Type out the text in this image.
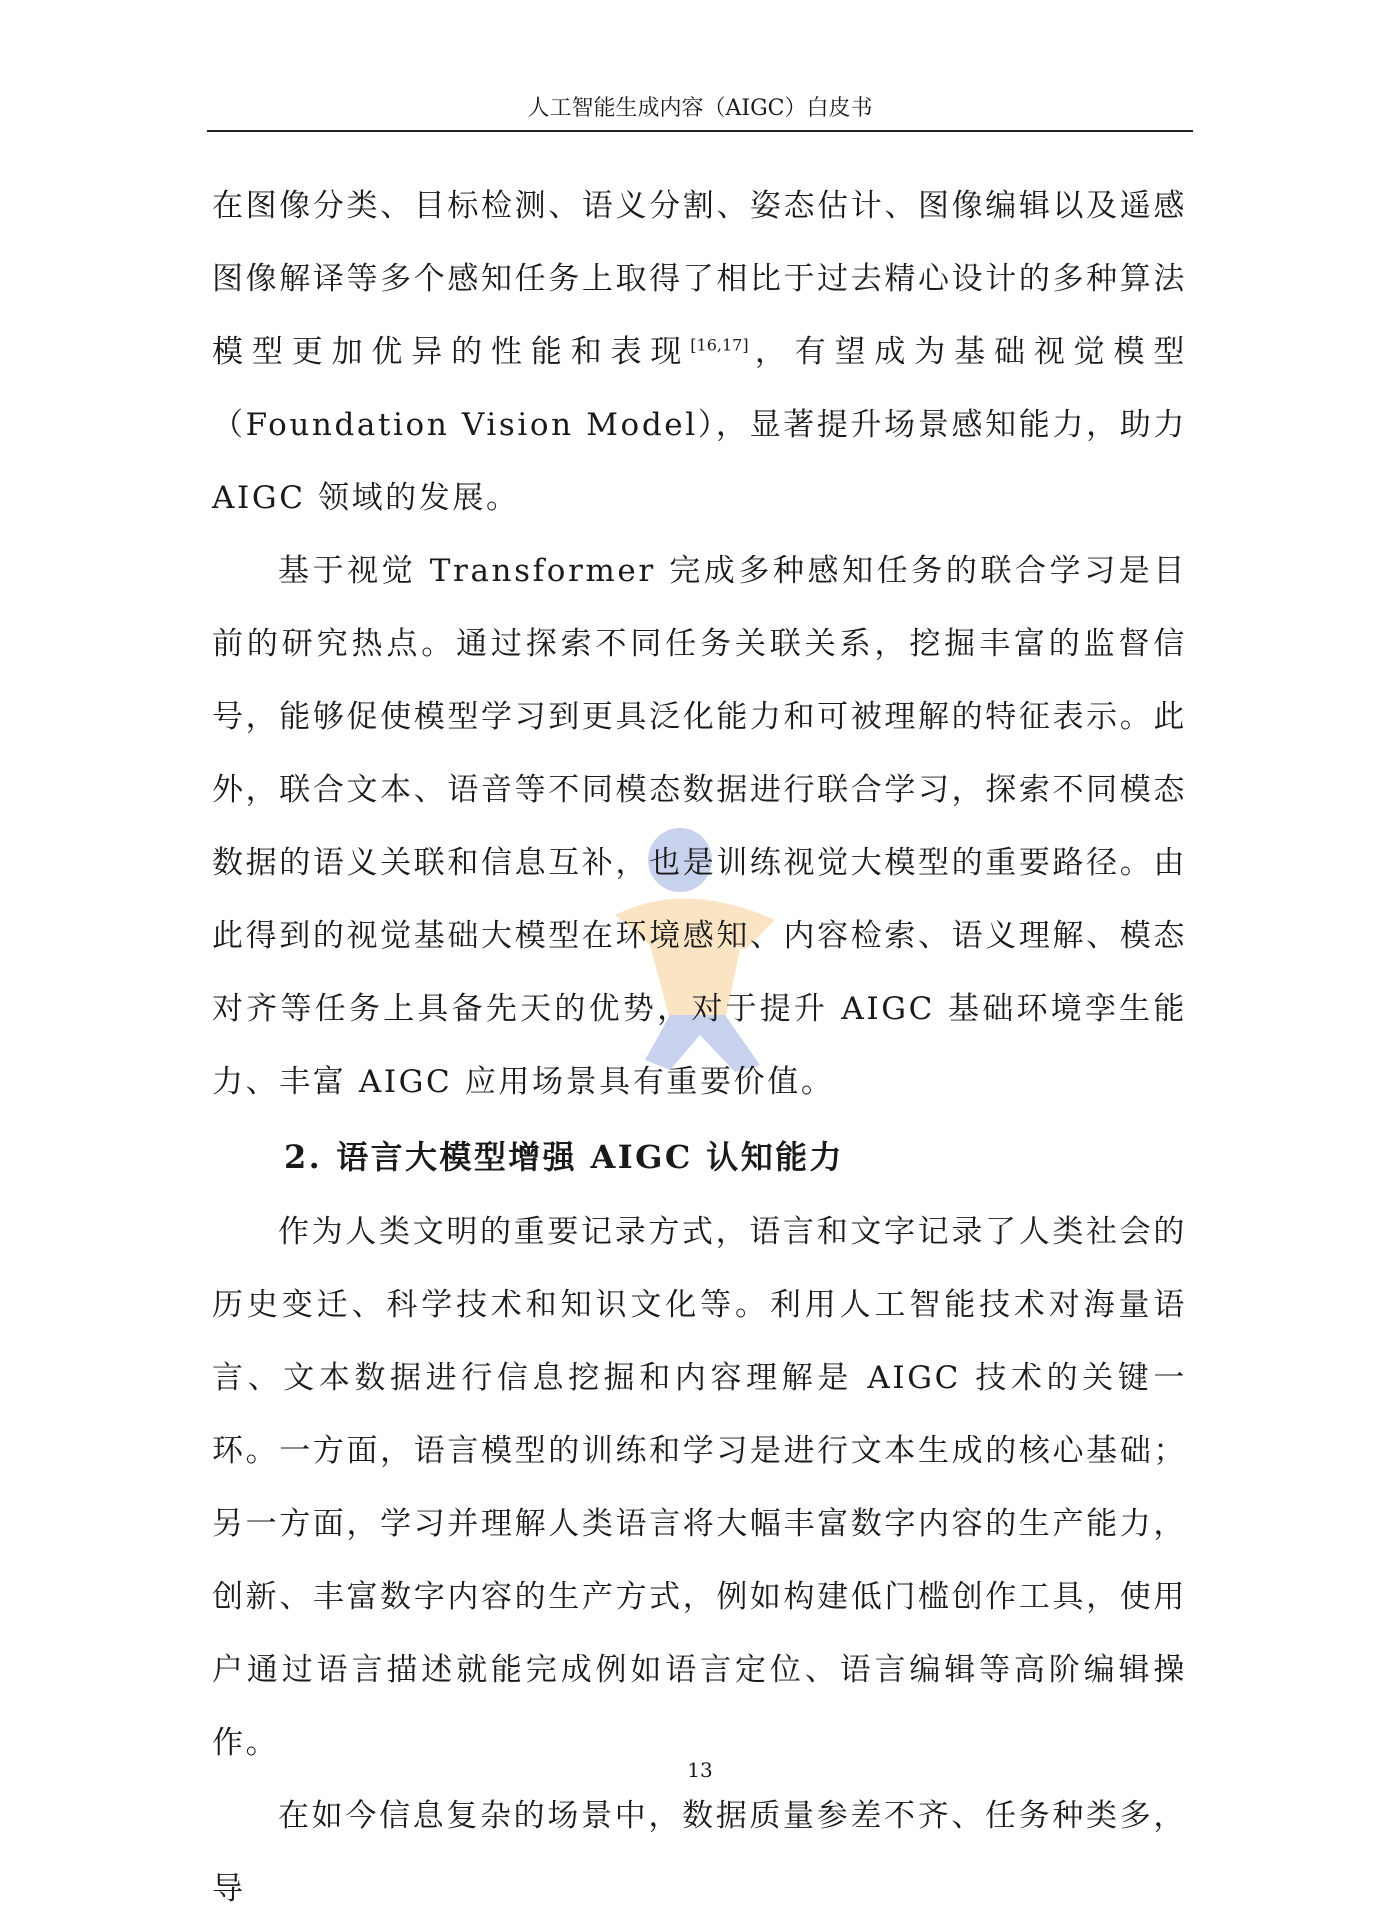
人工智能生成内容（AIGC）白皮书

在图像分类、目标检测、语义分割、姿态估计、图像编辑以及遥感图像解译等多个感知任务上取得了相比于过去精心设计的多种算法模型更加优异的性能和表现[16,17]，有望成为基础视觉模型（Foundation Vision Model），显著提升场景感知能力，助力 AIGC 领域的发展。

基于视觉 Transformer 完成多种感知任务的联合学习是目前的研究热点。通过探索不同任务关联关系，挖掘丰富的监督信号，能够促使模型学习到更具泛化能力和可被理解的特征表示。此外，联合文本、语音等不同模态数据进行联合学习，探索不同模态数据的语义关联和信息互补，也是训练视觉大模型的重要路径。由此得到的视觉基础大模型在环境感知、内容检索、语义理解、模态对齐等任务上具备先天的优势，对于提升 AIGC 基础环境孪生能力、丰富 AIGC 应用场景具有重要价值。

2. 语言大模型增强 AIGC 认知能力

作为人类文明的重要记录方式，语言和文字记录了人类社会的历史变迁、科学技术和知识文化等。利用人工智能技术对海量语言、文本数据进行信息挖掘和内容理解是 AIGC 技术的关键一环。一方面，语言模型的训练和学习是进行文本生成的核心基础；另一方面，学习并理解人类语言将大幅丰富数字内容的生产能力，创新、丰富数字内容的生产方式，例如构建低门槛创作工具，使用户通过语言描述就能完成例如语言定位、语言编辑等高阶编辑操作。

在如今信息复杂的场景中，数据质量参差不齐、任务种类多，导

13
